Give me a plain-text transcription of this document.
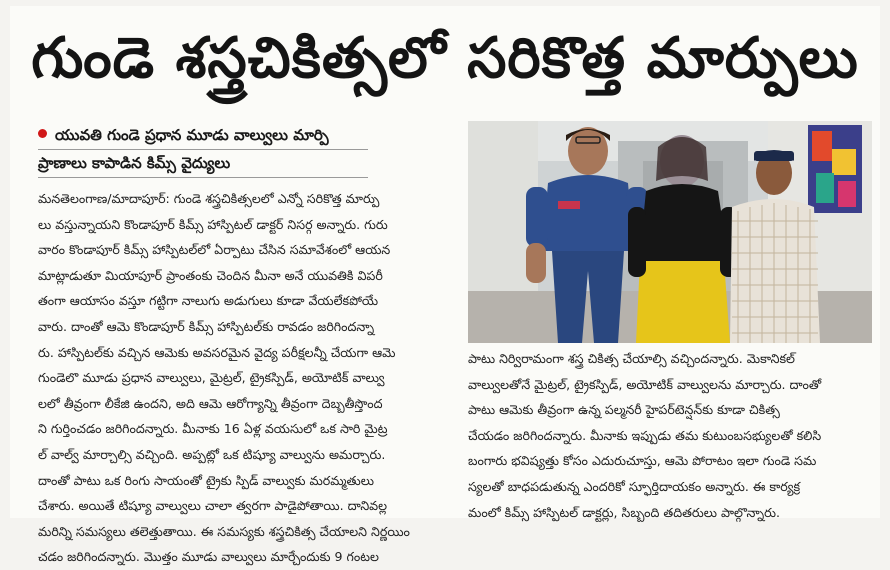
గుండె శస్త్రచికిత్సలో సరికొత్త మార్పులు
యువతి గుండె ప్రధాన మూడు వాల్వులు మార్పి
ప్రాణాలు కాపాడిన కిమ్స్ వైద్యులు
మనతెలంగాణ/మాదాపూర్: గుండె శస్త్రచికిత్సలలో ఎన్నో సరికొత్త మార్పు
లు వస్తున్నాయని కొండాపూర్ కిమ్స్ హాస్పిటల్ డాక్టర్ నిసర్గ అన్నారు. గురు
వారం కొండాపూర్ కిమ్స్ హాస్పిటల్‌లో ఏర్పాటు చేసిన సమావేశంలో ఆయన
మాట్లాడుతూ మియాపూర్ ప్రాంతంకు చెందిన మీనా అనే యువతికి విపరీ
తంగా ఆయాసం వస్తూ గట్టిగా నాలుగు అడుగులు కూడా వేయలేకపోయే
వారు. దాంతో ఆమె కొండాపూర్ కిమ్స్ హాస్పిటల్‌కు రావడం జరిగిందన్నా
రు. హాస్పిటల్‌కు వచ్చిన ఆమెకు అవసరమైన వైద్య పరీక్షలన్నీ చేయగా ఆమె
గుండెలొ మూడు ప్రధాన వాల్వులు, మైట్రల్, ట్రైకస్పిడ్, అయోటిక్ వాల్వు
లలో తీవ్రంగా లీకేజి ఉందని, అది ఆమె ఆరోగ్యాన్ని తీవ్రంగా దెబ్బతీస్తొంద
ని గుర్తించడం జరిగిందన్నారు. మీనాకు 16 ఏళ్ల వయసులో ఒక సారి మైట్ర
ల్ వాల్వ్ మార్చాల్సి వచ్చింది. అప్పట్లో ఒక టిష్యూ వాల్వును అమర్చారు.
దాంతో పాటు ఒక రింగు సాయంతో ట్రైకు స్పిడ్ వాల్వుకు మరమ్మతులు
చేశారు. అయితే టిష్యూ వాల్వులు చాలా త్వరగా పాడైపోతాయి. దానివల్ల
మరిన్ని సమస్యలు తలెత్తుతాయి. ఈ సమస్యకు శస్త్రచికిత్స చేయాలని నిర్ణయిం
చడం జరిగిందన్నారు. మొత్తం మూడు వాల్వులు మార్చేందుకు 9 గంటల
పాటు నిర్విరామంగా శస్త్ర చికిత్స చేయాల్సి వచ్చిందన్నారు. మెకానికల్
వాల్వులతోనే మైట్రల్, ట్రైకస్పిడ్, అయోటిక్ వాల్వులను మార్చారు. దాంతో
పాటు ఆమెకు తీవ్రంగా ఉన్న పల్మనరీ హైపర్‌టెన్షన్‌కు కూడా చికిత్స
చేయడం జరిగిందన్నారు. మీనాకు ఇప్పుడు తమ కుటుంబసభ్యులతో కలిసి
బంగారు భవిష్యత్తు కోసం ఎదురుచూస్తు, ఆమె పోరాటం ఇలా గుండె సమ
స్యలతో బాధపడుతున్న ఎందరికో స్ఫూర్తిదాయకం అన్నారు. ఈ కార్యక్ర
మంలో కిమ్స్ హాస్పిటల్ డాక్టర్లు, సిబ్బంది తదితరులు పాల్గొన్నారు.
